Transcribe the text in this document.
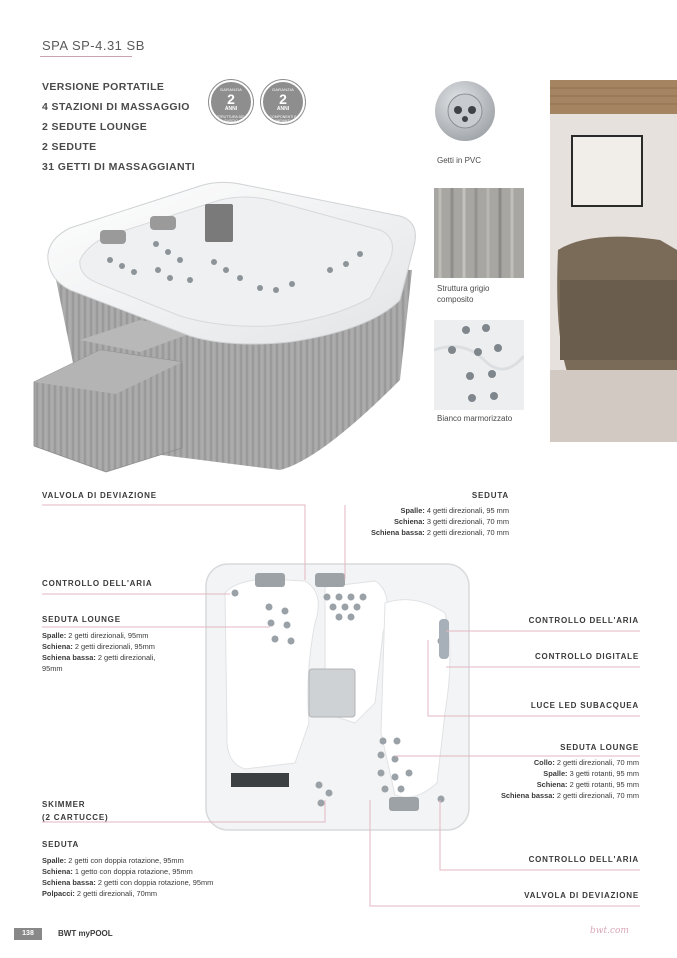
SPA SP-4.31 SB
VERSIONE PORTATILE
4 STAZIONI DI MASSAGGIO
2 SEDUTE LOUNGE
2 SEDUTE
31 GETTI DI MASSAGGIANTI
GARANZIA
2
ANNI
STRUTTURA DEL GUSCIO
GARANZIA
2
ANNI
COMPONENTI E IMPIANTI
Getti in PVC
Struttura grigio
composito
Bianco marmorizzato
VALVOLA DI DEVIAZIONE
CONTROLLO DELL'ARIA
SEDUTA LOUNGE
Spalle: 2 getti direzionali, 95mm
Schiena: 2 getti direzionali, 95mm
Schiena bassa: 2 getti direzionali,
95mm
SKIMMER
(2 CARTUCCE)
SEDUTA
Spalle: 2 getti con doppia rotazione, 95mm
Schiena: 1 getto con doppia rotazione, 95mm
Schiena bassa: 2 getti con doppia rotazione, 95mm
Polpacci: 2 getti direzionali, 70mm
SEDUTA
Spalle: 4 getti direzionali, 95 mm
Schiena: 3 getti direzionali, 70 mm
Schiena bassa: 2 getti direzionali, 70 mm
CONTROLLO DELL'ARIA
CONTROLLO DIGITALE
LUCE LED SUBACQUEA
SEDUTA LOUNGE
Collo: 2 getti direzionali, 70 mm
Spalle: 3 getti rotanti, 95 mm
Schiena: 2 getti rotanti, 95 mm
Schiena bassa: 2 getti direzionali, 70 mm
CONTROLLO DELL'ARIA
VALVOLA DI DEVIAZIONE
138	BWT myPOOL	bwt.com
